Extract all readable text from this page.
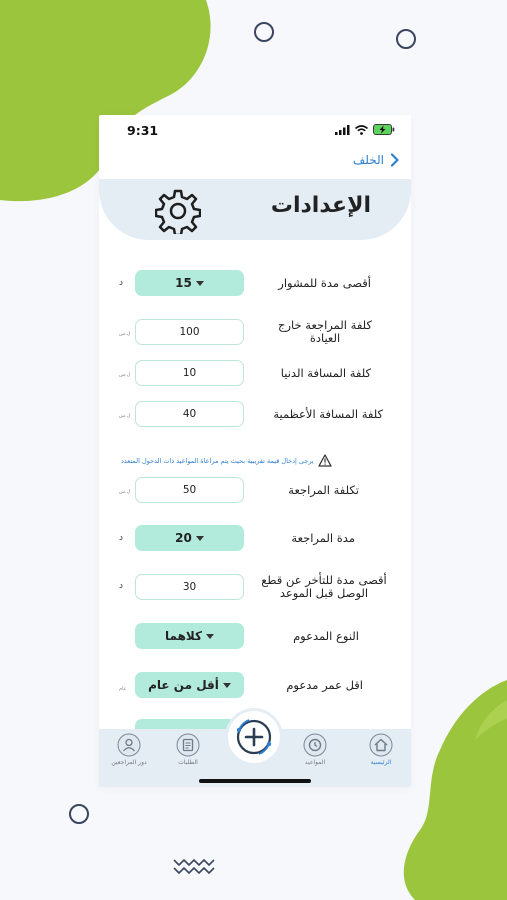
9:31
الخلف
الإعدادات
أقصى مدة للمشوار
15
د
كلفة المراجعة خارج العيادة
100
ل.س
كلفة المسافة الدنيا
10
ل.س
كلفة المسافة الأعظمية
40
ل.س
يرجى إدخال قيمة تقريبية بحيث يتم مراعاة المواعيد ذات الدخول المتعدد
تكلفة المراجعة
50
ل.س
مدة المراجعة
20
د
أقصى مدة للتأخر عن قطع الوصل قبل الموعد
30
د
النوع المدعوم
كلاهما
اقل عمر مدعوم
أقل من عام
عام
الرئيسية
المواعيد
الطلبات
دور المراجعين
